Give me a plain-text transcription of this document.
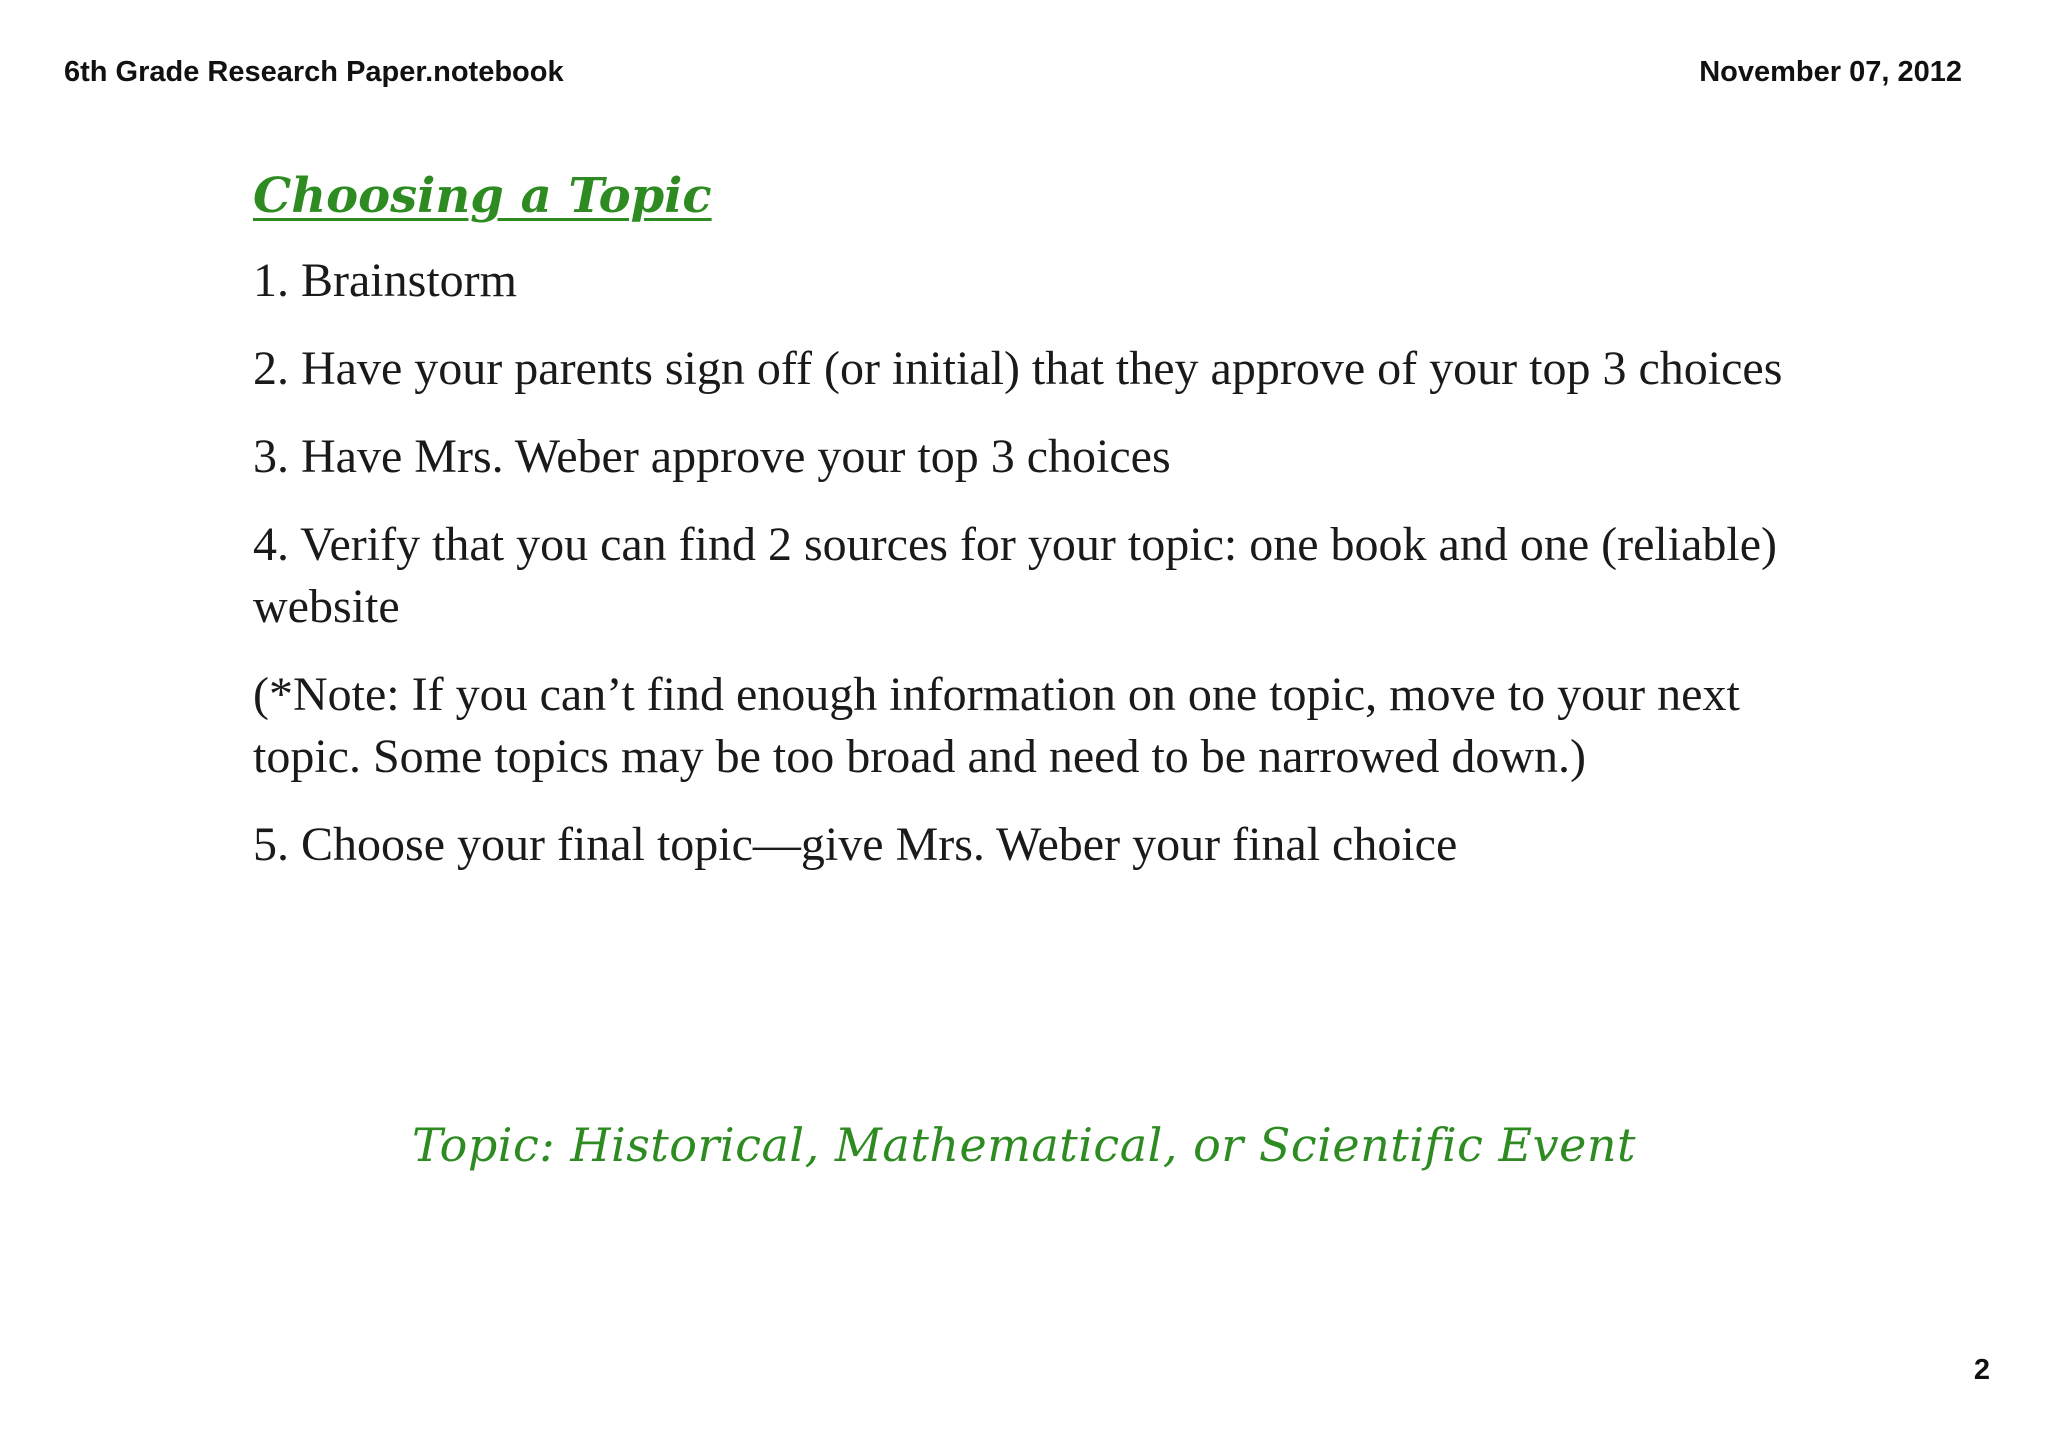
6th Grade Research Paper.notebook	November 07, 2012
Choosing a Topic
1. Brainstorm
2. Have your parents sign off (or initial) that they approve of your top 3 choices
3. Have Mrs. Weber approve your top 3 choices
4. Verify that you can find 2 sources for your topic: one book and one (reliable) website
(*Note: If you can’t find enough information on one topic, move to your next topic. Some topics may be too broad and need to be narrowed down.)
5. Choose your final topic—give Mrs. Weber your final choice
Topic: Historical, Mathematical, or Scientific Event
2
